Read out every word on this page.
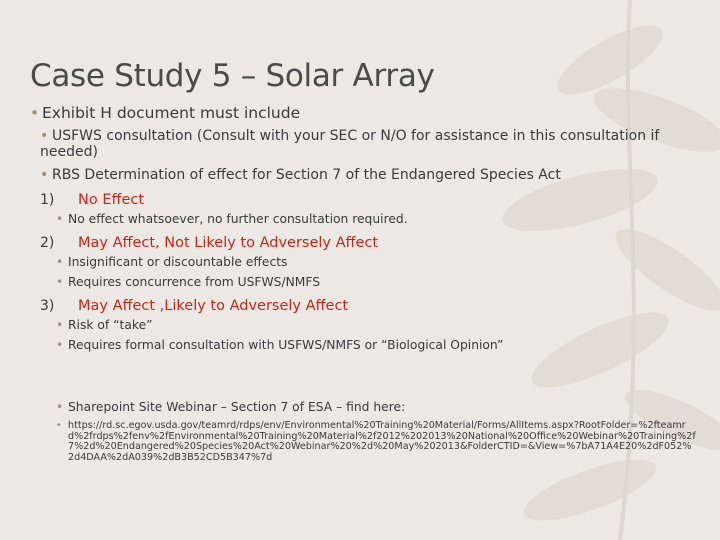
Case Study 5 – Solar Array
• Exhibit H document must include
• USFWS consultation (Consult with your SEC or N/O for assistance in this consultation if needed)
• RBS Determination of effect for Section 7 of the Endangered Species Act
1) No Effect
• No effect whatsoever, no further consultation required.
2) May Affect, Not Likely to Adversely Affect
• Insignificant or discountable effects
• Requires concurrence from USFWS/NMFS
3) May Affect ,Likely to Adversely Affect
• Risk of “take”
• Requires formal consultation with USFWS/NMFS or “Biological Opinion”
• Sharepoint Site Webinar – Section 7 of ESA – find here:
• https://rd.sc.egov.usda.gov/teamrd/rdps/env/Environmental%20Training%20Material/Forms/AllItems.aspx?RootFolder=%2fteamrd%2frdps%2fenv%2fEnvironmental%20Training%20Material%2f2012%202013%20National%20Office%20Webinar%20Training%2f7%2d%20Endangered%20Species%20Act%20Webinar%20%2d%20May%202013&FolderCTID=&View=%7bA71A4E20%2dF052%2d4DAA%2dA039%2dB3B52CD5B347%7d
